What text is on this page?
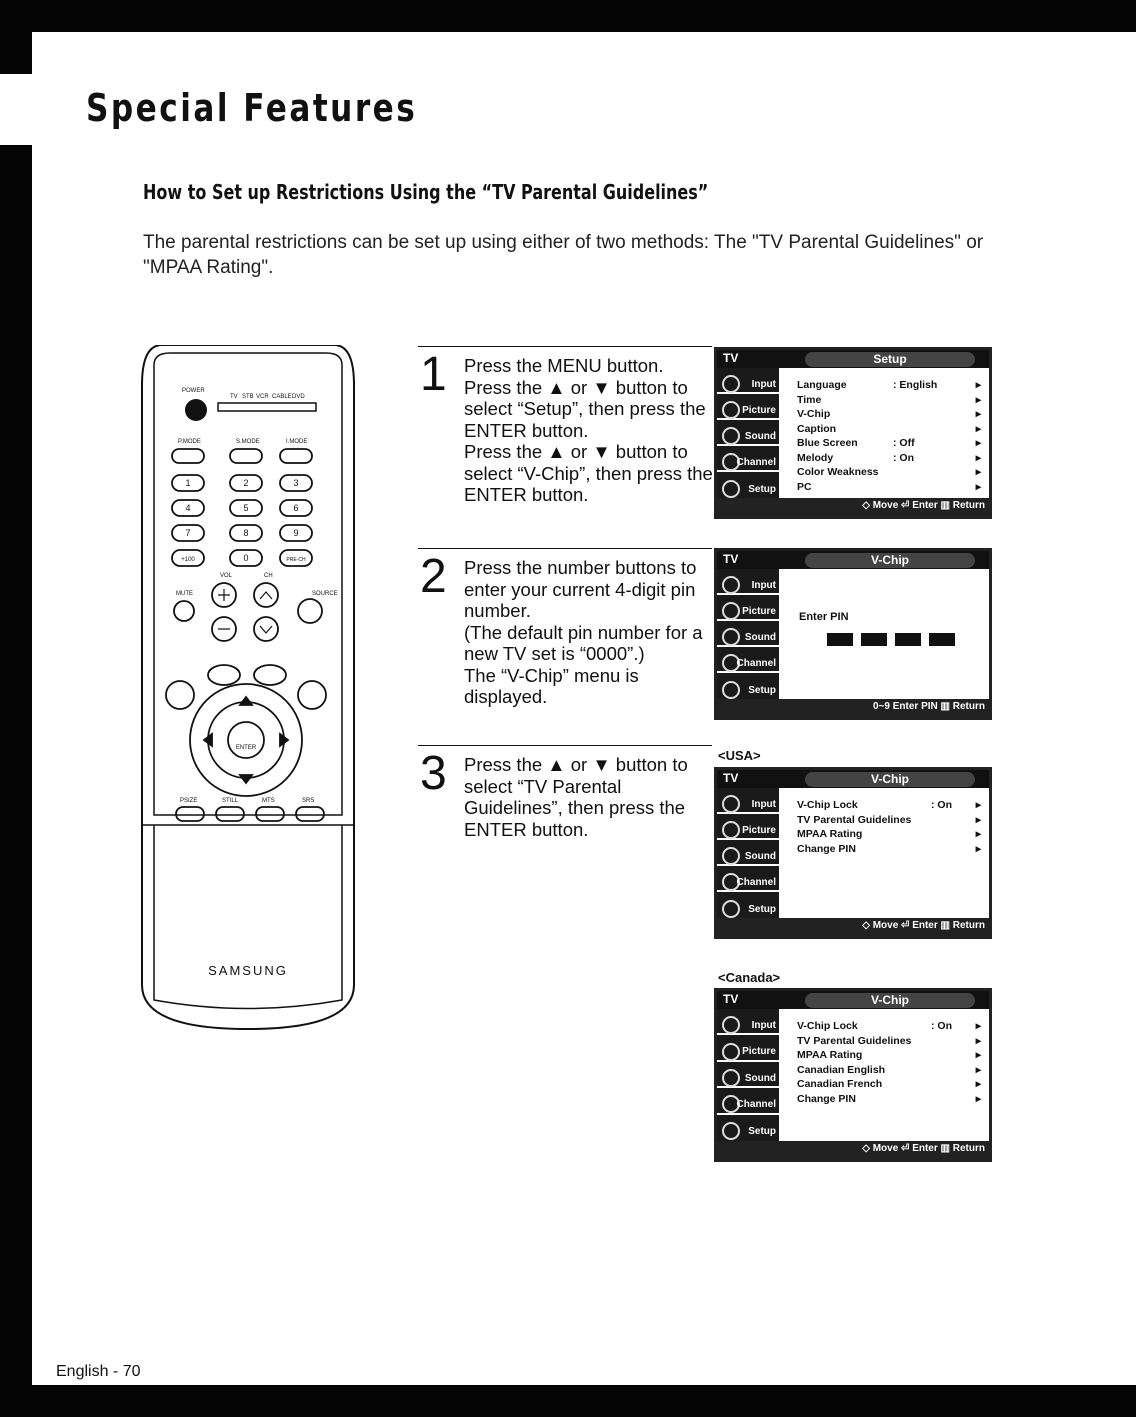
Special Features
How to Set up Restrictions Using the “TV Parental Guidelines”
The parental restrictions can be set up using either of two methods: The "TV Parental Guidelines" or "MPAA Rating".
POWER
TV STB VCR CABLE DVD
P.MODE	S.MODE	I.MODE
1	2	3
4	5	6
7	8	9
+100	0	PRE-CH
VOL	CH
MUTE	SOURCE
ENTER
PSIZE	STILL	MTS	SRS
SAMSUNG
1 Press the MENU button.

Press the ▲ or ▼ button to select “Setup”, then press the ENTER button.

Press the ▲ or ▼ button to select “V-Chip”, then press the ENTER button.

TV	Setup
Input
Picture
Sound
Channel
Setup
Language	: English	▸
Time	▸
V-Chip	▸
Caption	▸
Blue Screen	: Off	▸
Melody	: On	▸
Color Weakness	▸
PC	▸
◇ Move ⏎ Enter ▥ Return
2 Press the number buttons to enter your current 4-digit pin number.

(The default pin number for a new TV set is “0000”.)

The “V-Chip” menu is displayed.

TV	V-Chip
Input
Picture
Sound
Channel
Setup
Enter PIN
0~9 Enter PIN ▥ Return
3 Press the ▲ or ▼ button to select “TV Parental Guidelines”, then press the ENTER button.

<USA>
TV	V-Chip
Input
Picture
Sound
Channel
Setup
V-Chip Lock	: On ▸
TV Parental Guidelines	▸
MPAA Rating	▸
Change PIN	▸
◇ Move ⏎ Enter ▥ Return
<Canada>
TV	V-Chip
Input
Picture
Sound
Channel
Setup
V-Chip Lock	: On ▸
TV Parental Guidelines	▸
MPAA Rating	▸
Canadian English	▸
Canadian French	▸
Change PIN	▸
◇ Move ⏎ Enter ▥ Return
English - 70
